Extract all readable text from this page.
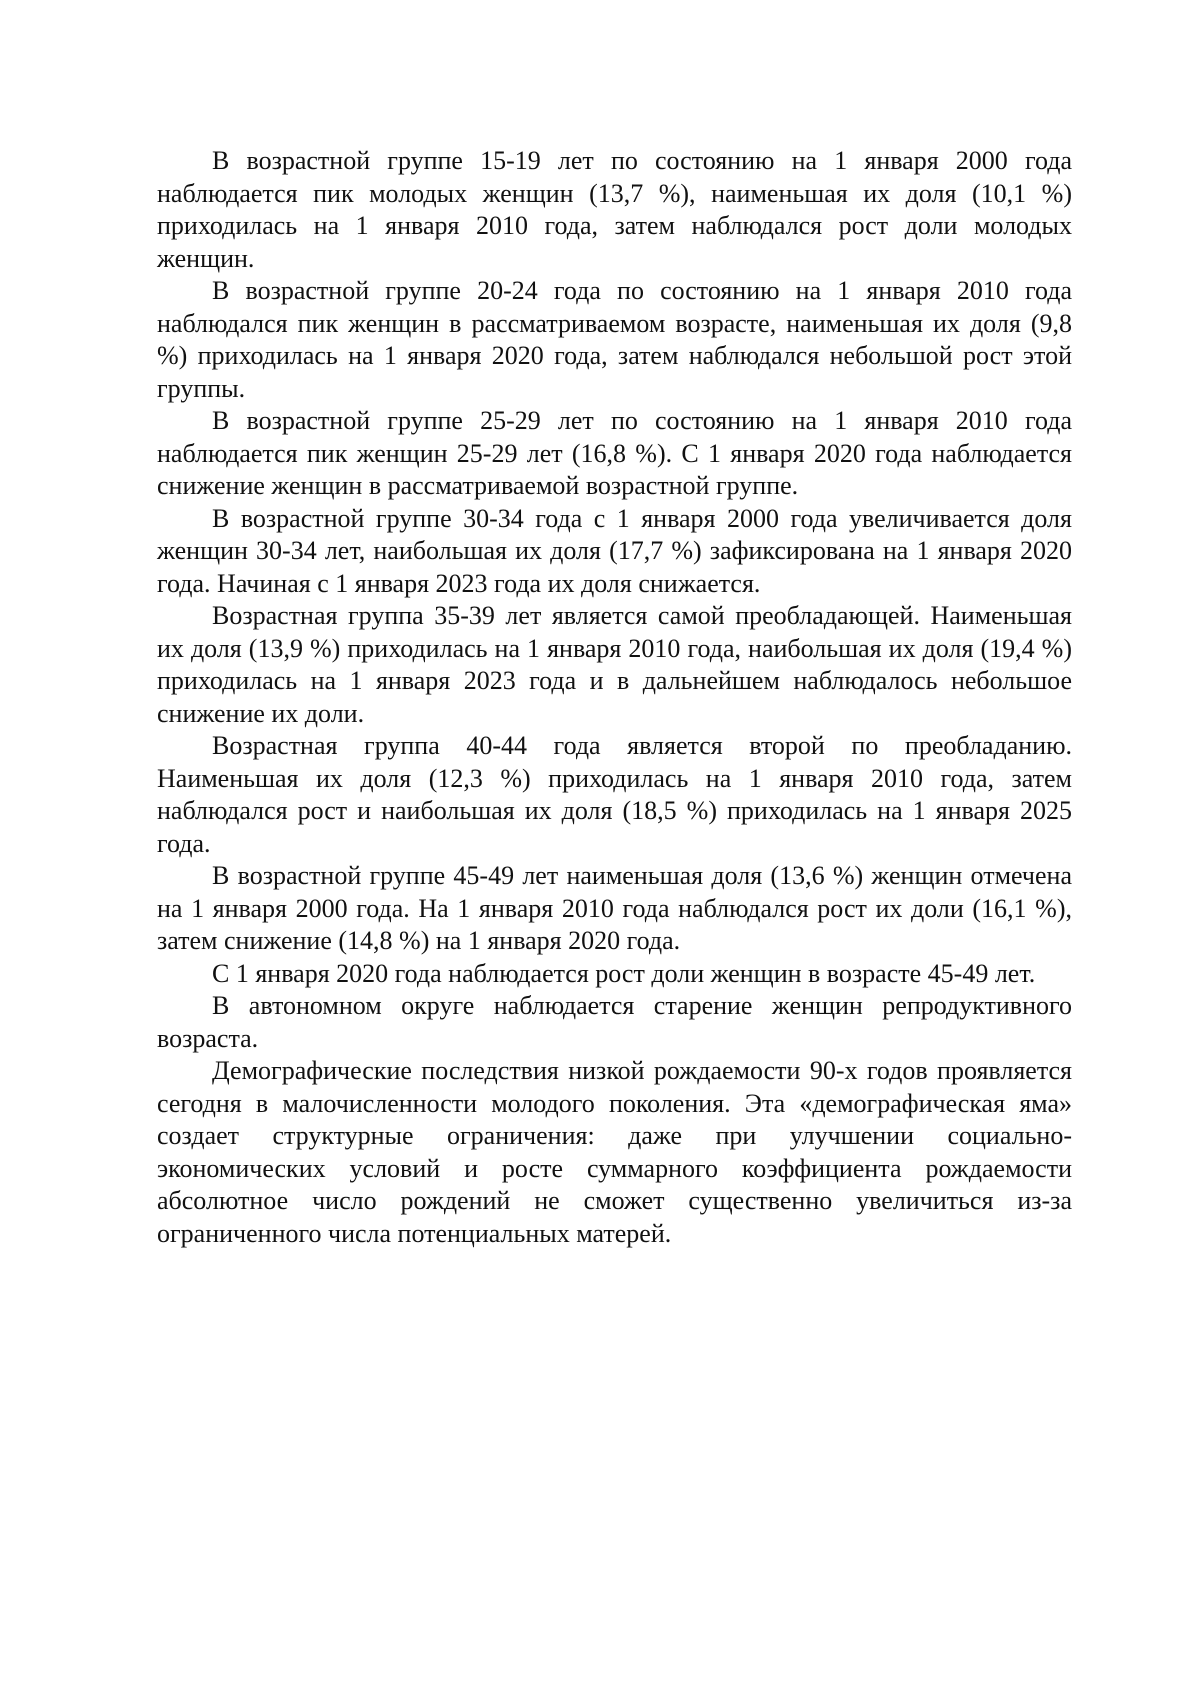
В возрастной группе 15-19 лет по состоянию на 1 января 2000 года наблюдается пик молодых женщин (13,7 %), наименьшая их доля (10,1 %) приходилась на 1 января 2010 года, затем наблюдался рост доли молодых женщин.

В возрастной группе 20-24 года по состоянию на 1 января 2010 года наблюдался пик женщин в рассматриваемом возрасте, наименьшая их доля (9,8 %) приходилась на 1 января 2020 года, затем наблюдался небольшой рост этой группы.

В возрастной группе 25-29 лет по состоянию на 1 января 2010 года наблюдается пик женщин 25-29 лет (16,8 %). С 1 января 2020 года наблюдается снижение женщин в рассматриваемой возрастной группе.

В возрастной группе 30-34 года с 1 января 2000 года увеличивается доля женщин 30-34 лет, наибольшая их доля (17,7 %) зафиксирована на 1 января 2020 года. Начиная с 1 января 2023 года их доля снижается.

Возрастная группа 35-39 лет является самой преобладающей. Наименьшая их доля (13,9 %) приходилась на 1 января 2010 года, наибольшая их доля (19,4 %) приходилась на 1 января 2023 года и в дальнейшем наблюдалось небольшое снижение их доли.

Возрастная группа 40-44 года является второй по преобладанию. Наименьшая их доля (12,3 %) приходилась на 1 января 2010 года, затем наблюдался рост и наибольшая их доля (18,5 %) приходилась на 1 января 2025 года.

В возрастной группе 45-49 лет наименьшая доля (13,6 %) женщин отмечена на 1 января 2000 года. На 1 января 2010 года наблюдался рост их доли (16,1 %), затем снижение (14,8 %) на 1 января 2020 года.

С 1 января 2020 года наблюдается рост доли женщин в возрасте 45-49 лет.

В автономном округе наблюдается старение женщин репродуктивного возраста.

Демографические последствия низкой рождаемости 90-х годов проявляется сегодня в малочисленности молодого поколения. Эта «демографическая яма» создает структурные ограничения: даже при улучшении социально-экономических условий и росте суммарного коэффициента рождаемости абсолютное число рождений не сможет существенно увеличиться из-за ограниченного числа потенциальных матерей.
